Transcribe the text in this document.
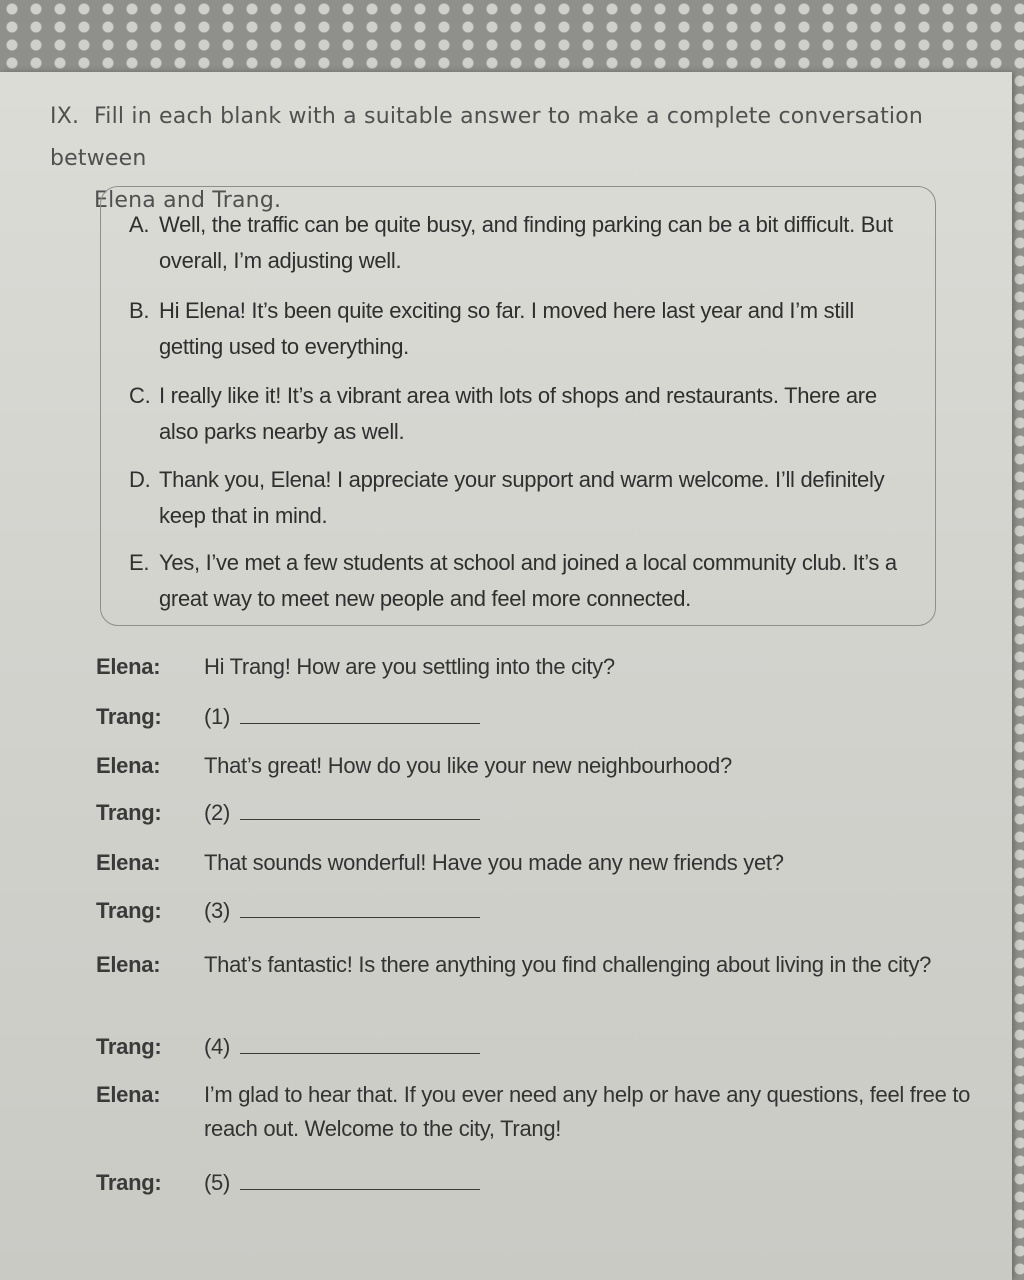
IX. Fill in each blank with a suitable answer to make a complete conversation between
Elena and Trang.
A. Well, the traffic can be quite busy, and finding parking can be a bit difficult. But overall, I’m adjusting well.
B. Hi Elena! It’s been quite exciting so far. I moved here last year and I’m still getting used to everything.
C. I really like it! It’s a vibrant area with lots of shops and restaurants. There are also parks nearby as well.
D. Thank you, Elena! I appreciate your support and warm welcome. I’ll definitely keep that in mind.
E. Yes, I’ve met a few students at school and joined a local community club. It’s a great way to meet new people and feel more connected.
Elena:	Hi Trang! How are you settling into the city?
Trang:	(1)
Elena:	That’s great! How do you like your new neighbourhood?
Trang:	(2)
Elena:	That sounds wonderful! Have you made any new friends yet?
Trang:	(3)
Elena:	That’s fantastic! Is there anything you find challenging about living in the city?
Trang:	(4)
Elena:	I’m glad to hear that. If you ever need any help or have any questions, feel free to reach out. Welcome to the city, Trang!
Trang:	(5)
